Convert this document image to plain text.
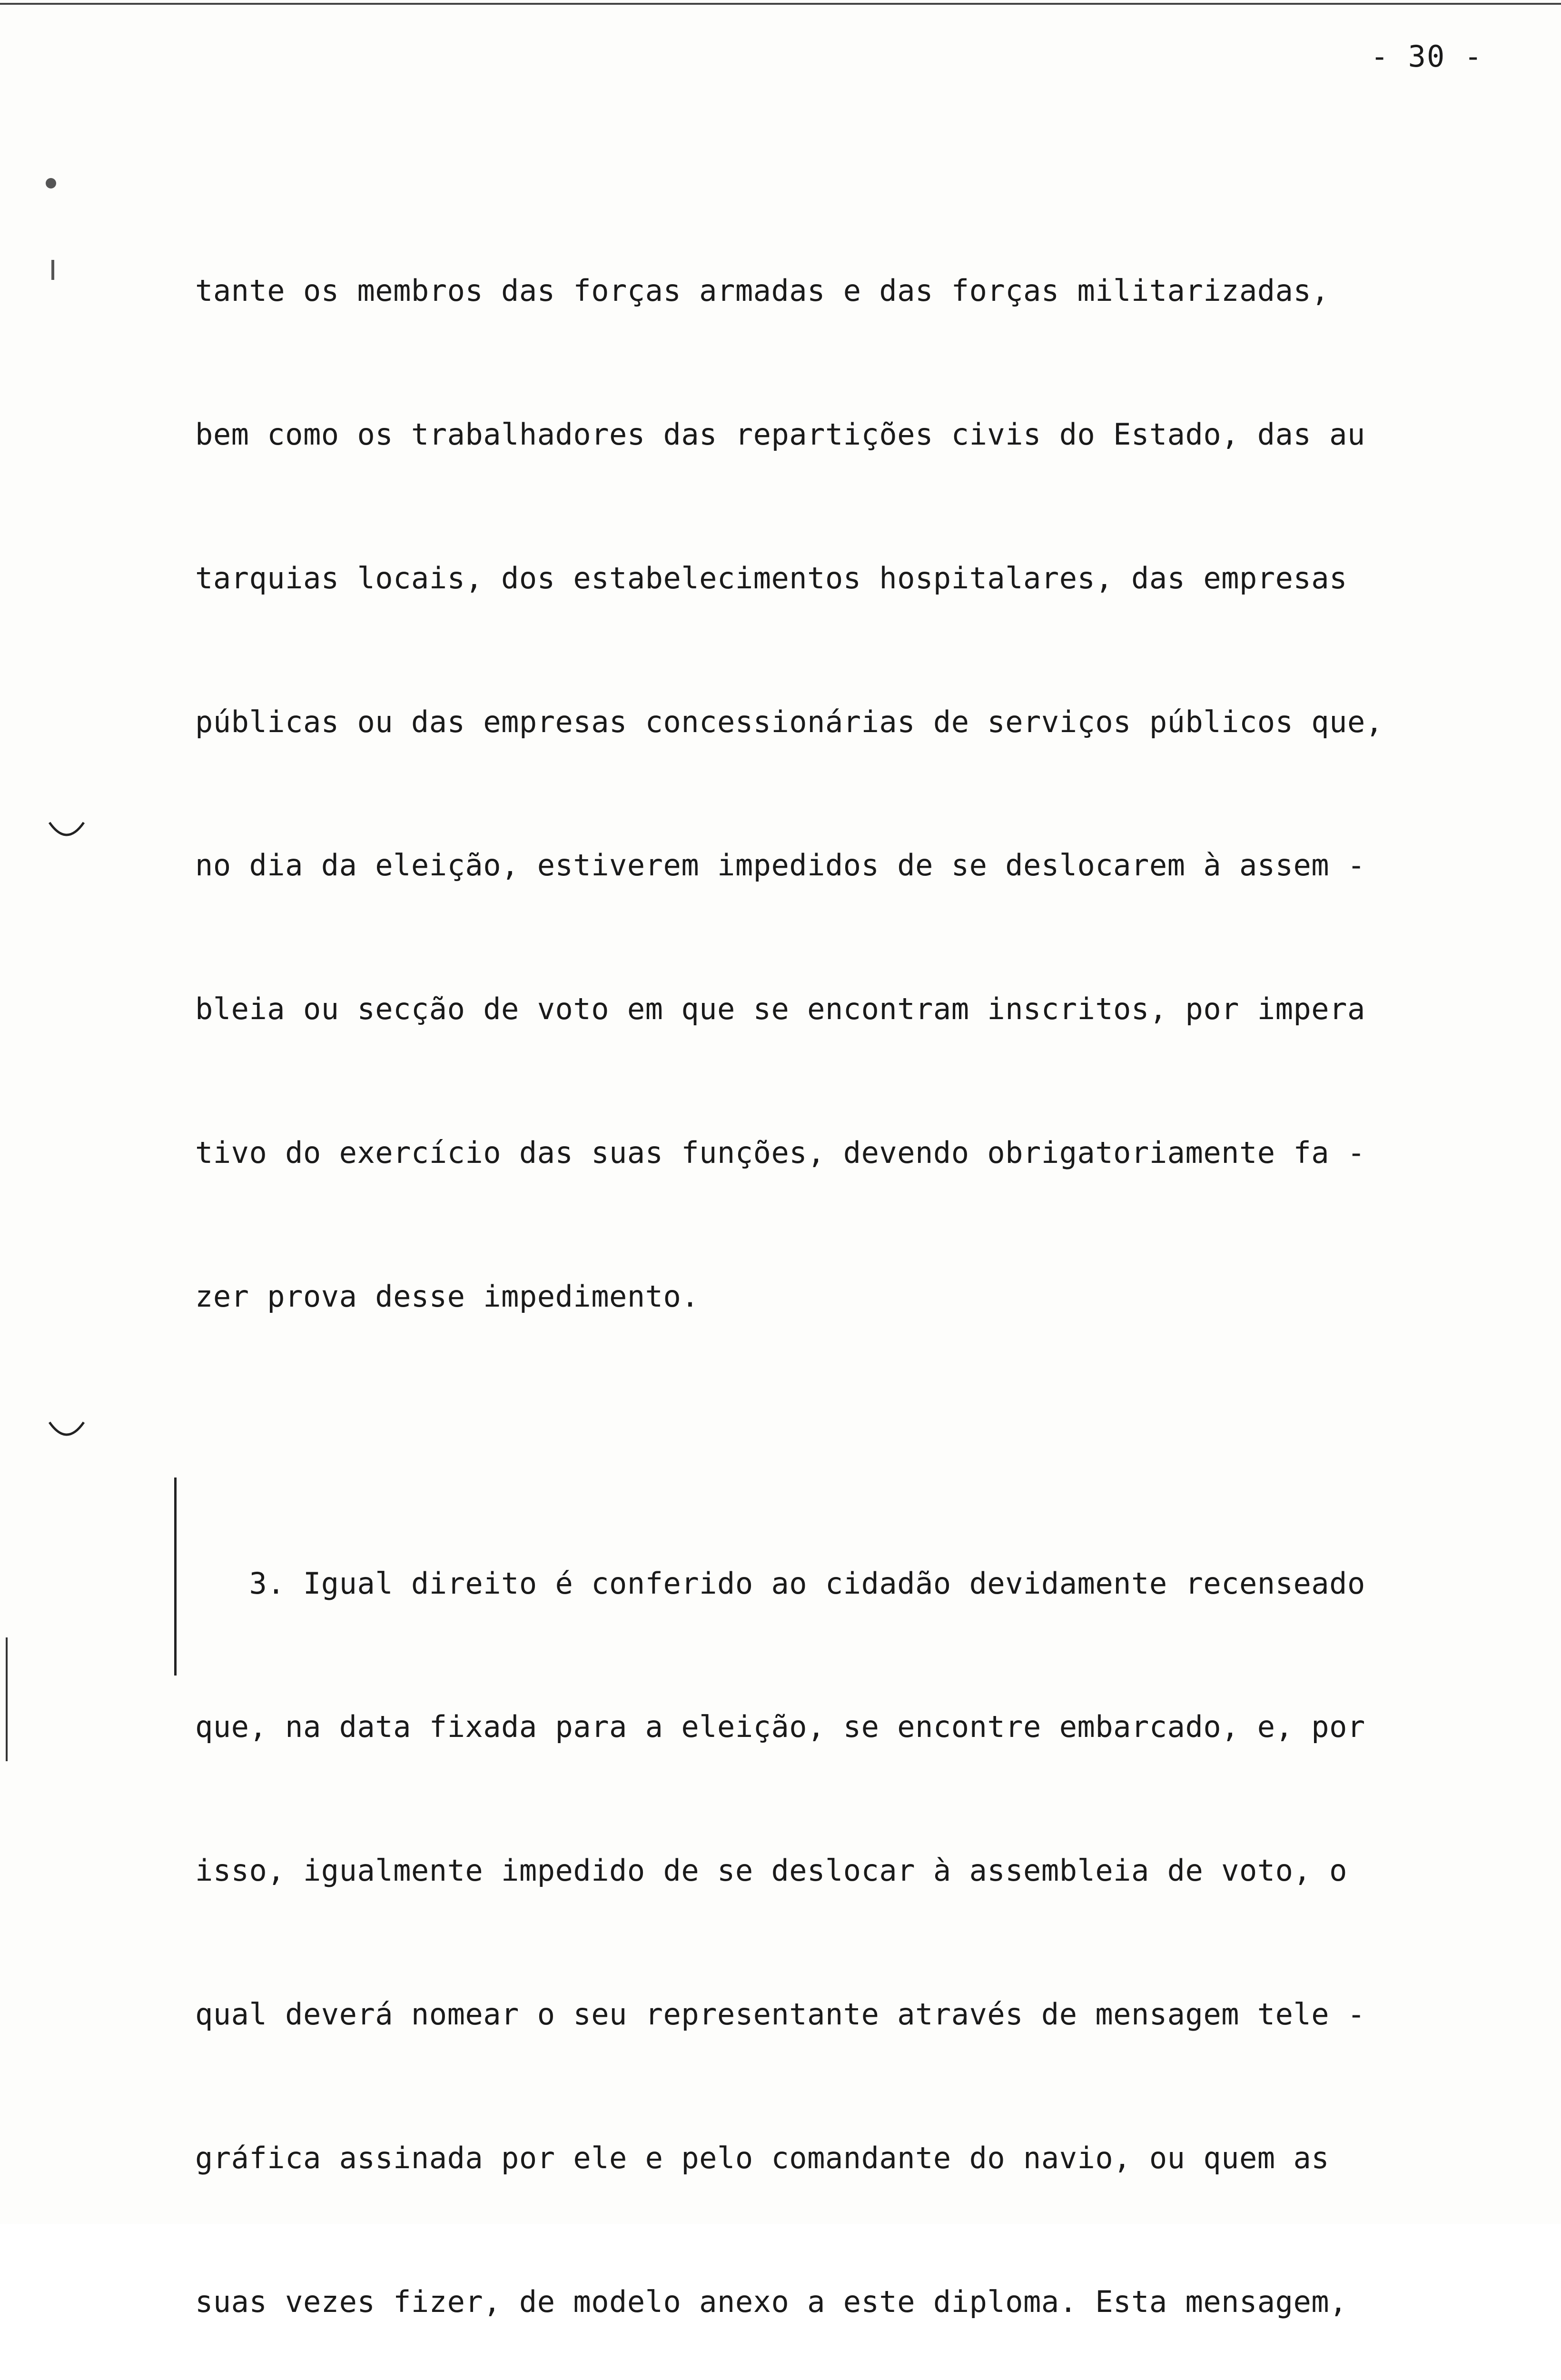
- 30 -

tante os membros das forças armadas e das forças militarizadas,

bem como os trabalhadores das repartições civis do Estado, das au

tarquias locais, dos estabelecimentos hospitalares, das empresas

públicas ou das empresas concessionárias de serviços públicos que,

no dia da eleição, estiverem impedidos de se deslocarem à assem -

bleia ou secção de voto em que se encontram inscritos, por impera

tivo do exercício das suas funções, devendo obrigatoriamente fa -

zer prova desse impedimento.

3. Igual direito é conferido ao cidadão devidamente recenseado

que, na data fixada para a eleição, se encontre embarcado, e, por

isso, igualmente impedido de se deslocar à assembleia de voto, o

qual deverá nomear o seu representante através de mensagem tele -

gráfica assinada por ele e pelo comandante do navio, ou quem as

suas vezes fizer, de modelo anexo a este diploma. Esta mensagem,
